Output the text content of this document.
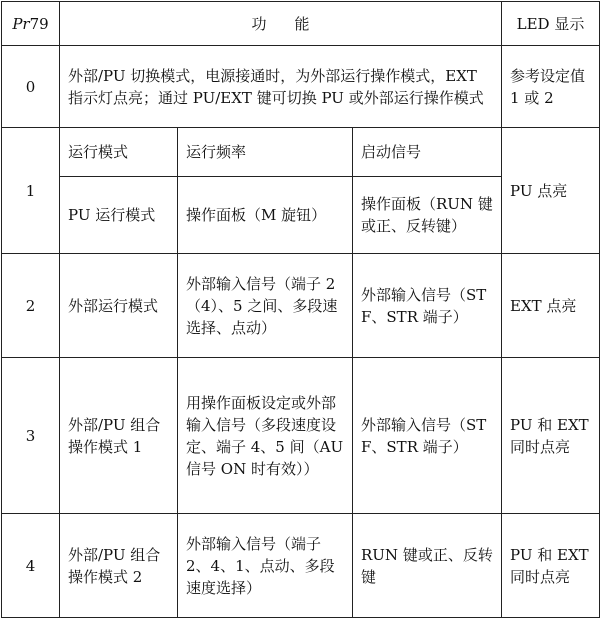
Pr79	功能			LED 显示
0	外部/PU 切换模式，电源接通时，为外部运行操作模式，EXT 指示灯点亮；通过 PU/EXT 键可切换 PU 或外部运行操作模式			参考设定值 1 或 2
1	运行模式	运行频率	启动信号	PU 点亮
	PU 运行模式	操作面板（M 旋钮）	操作面板（RUN 键或正、反转键）	
2	外部运行模式	外部输入信号（端子 2（4）、5 之间、多段速选择、点动）	外部输入信号（STF、STR 端子）	EXT 点亮
3	外部/PU 组合操作模式 1	用操作面板设定或外部输入信号（多段速度设定、端子 4、5 间（AU 信号 ON 时有效））	外部输入信号（STF、STR 端子）	PU 和 EXT 同时点亮
4	外部/PU 组合操作模式 2	外部输入信号（端子 2、4、1、点动、多段速度选择）	RUN 键或正、反转键	PU 和 EXT 同时点亮
